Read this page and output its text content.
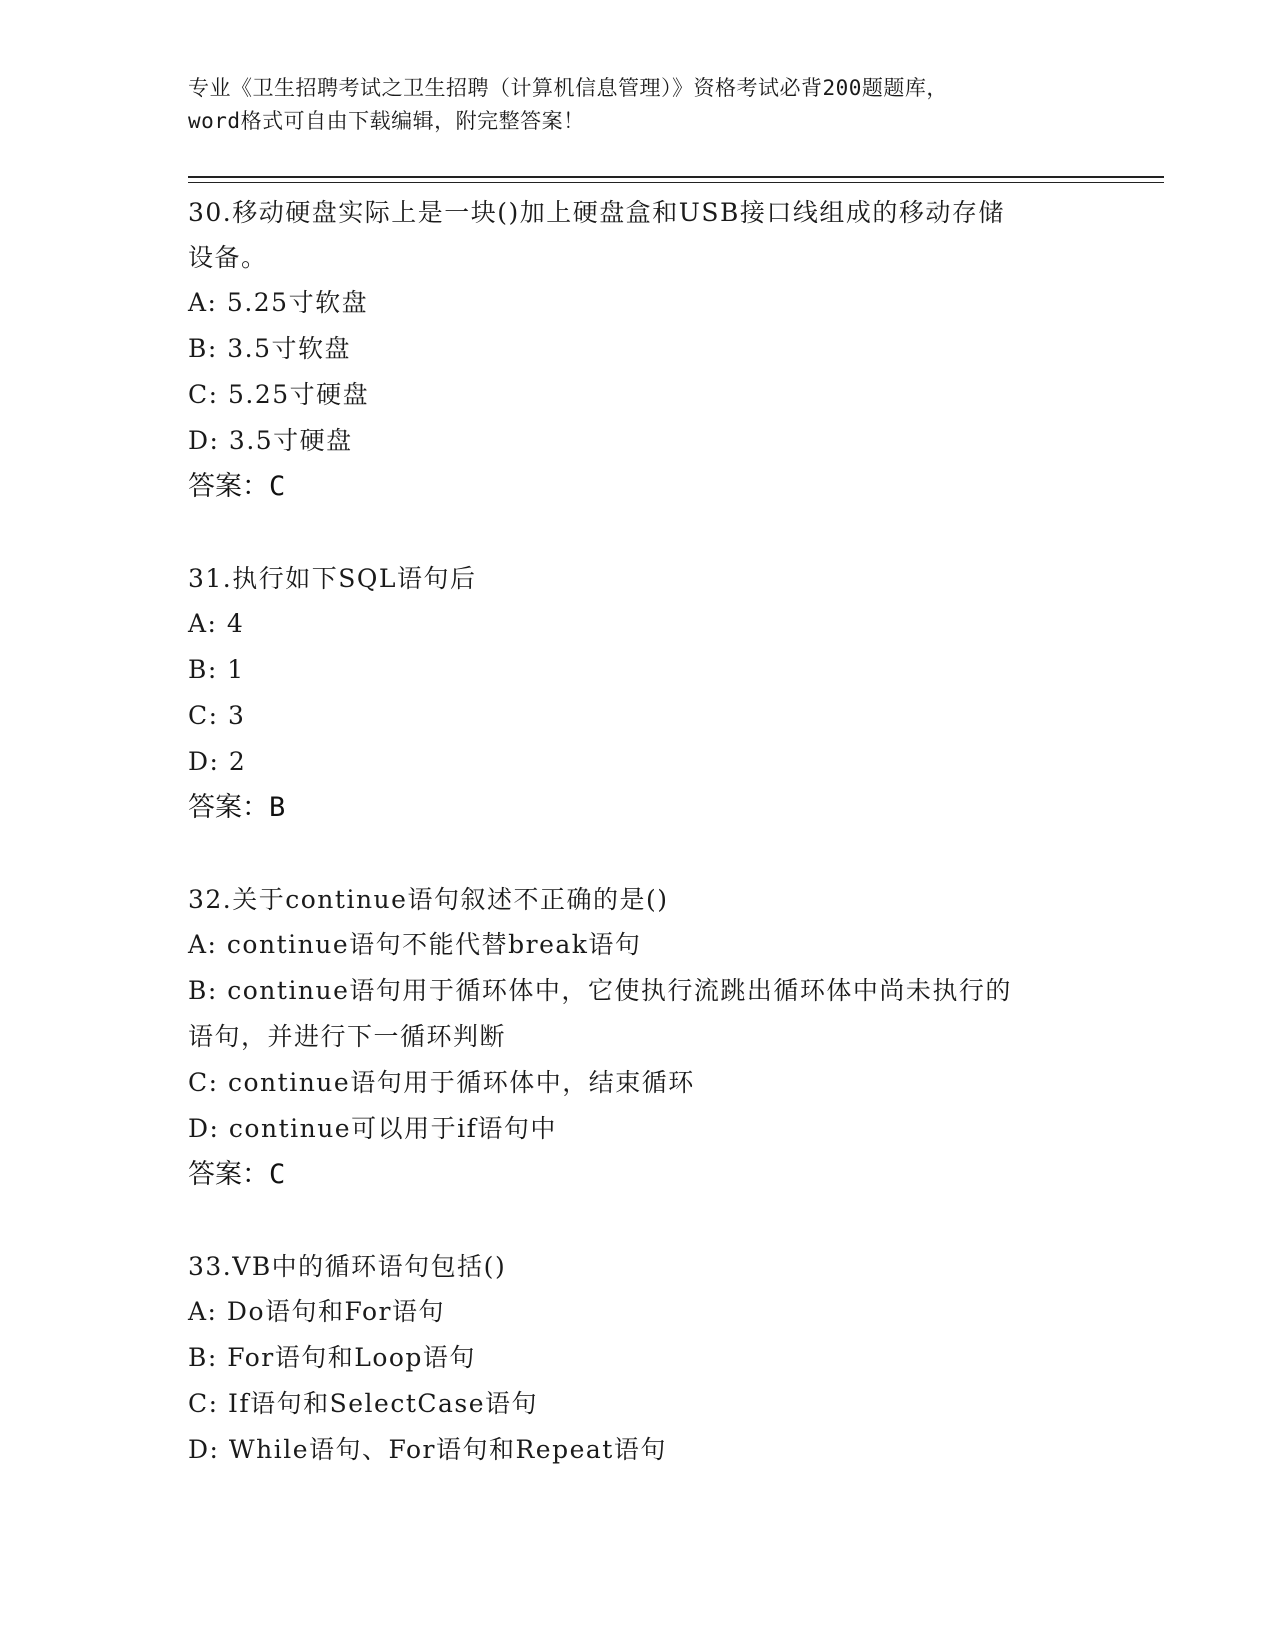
专业《卫生招聘考试之卫生招聘（计算机信息管理）》资格考试必背200题题库，
word格式可自由下载编辑，附完整答案！
30.移动硬盘实际上是一块()加上硬盘盒和USB接口线组成的移动存储
设备。
A: 5.25寸软盘
B: 3.5寸软盘
C: 5.25寸硬盘
D: 3.5寸硬盘
答案：C
31.执行如下SQL语句后
A: 4
B: 1
C: 3
D: 2
答案：B
32.关于continue语句叙述不正确的是()
A: continue语句不能代替break语句
B: continue语句用于循环体中，它使执行流跳出循环体中尚未执行的
语句，并进行下一循环判断
C: continue语句用于循环体中，结束循环
D: continue可以用于if语句中
答案：C
33.VB中的循环语句包括()
A: Do语句和For语句
B: For语句和Loop语句
C: If语句和SelectCase语句
D: While语句、For语句和Repeat语句
